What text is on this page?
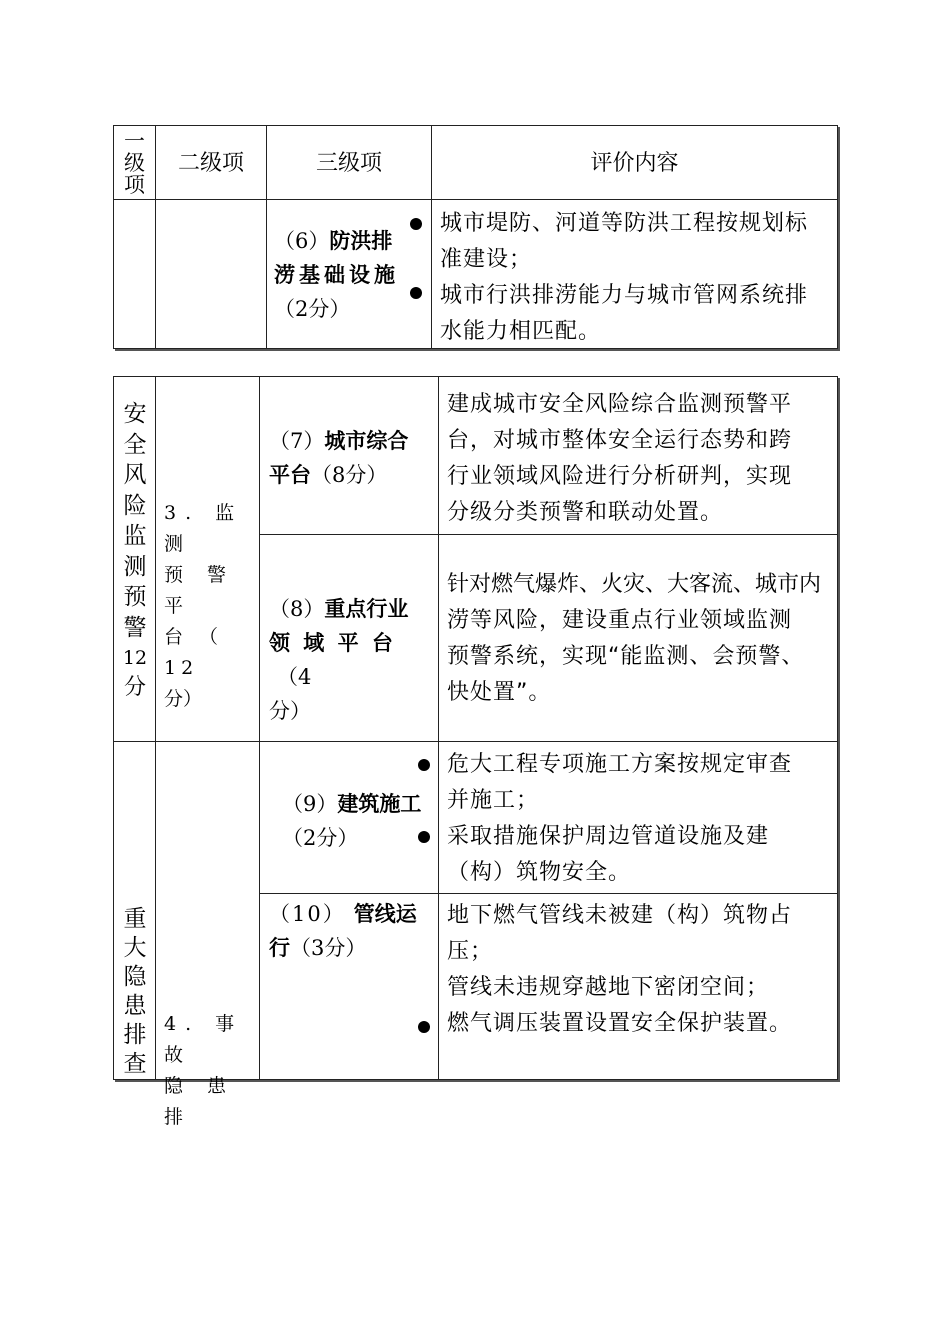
一级项
二级项	三级项	评价内容
（6）防洪排
涝基础设施
（2分）
城市堤防、河道等防洪工程按规划标
准建设；
城市行洪排涝能力与城市管网系统排
水能力相匹配。
安全风险监测预警
12
分
3. 监 测
预 警 平
台 （ 12
分）
（7）城市综合
平台（8分）
建成城市安全风险综合监测预警平
台，对城市整体安全运行态势和跨
行业领域风险进行分析研判，实现
分级分类预警和联动处置。
（8）重点行业
领 域 平 台（4
分）
针对燃气爆炸、火灾、大客流、城市内
涝等风险，建设重点行业领域监测
预警系统，实现“能监测、会预警、
快处置”。
重大隐患排查
4. 事 故
隐 患 排
（9）建筑施工
（2分）
危大工程专项施工方案按规定审查
并施工；
采取措施保护周边管道设施及建
（构）筑物安全。
（10） 管线运
行（3分）
地下燃气管线未被建（构）筑物占
压；
管线未违规穿越地下密闭空间；
燃气调压装置设置安全保护装置。
